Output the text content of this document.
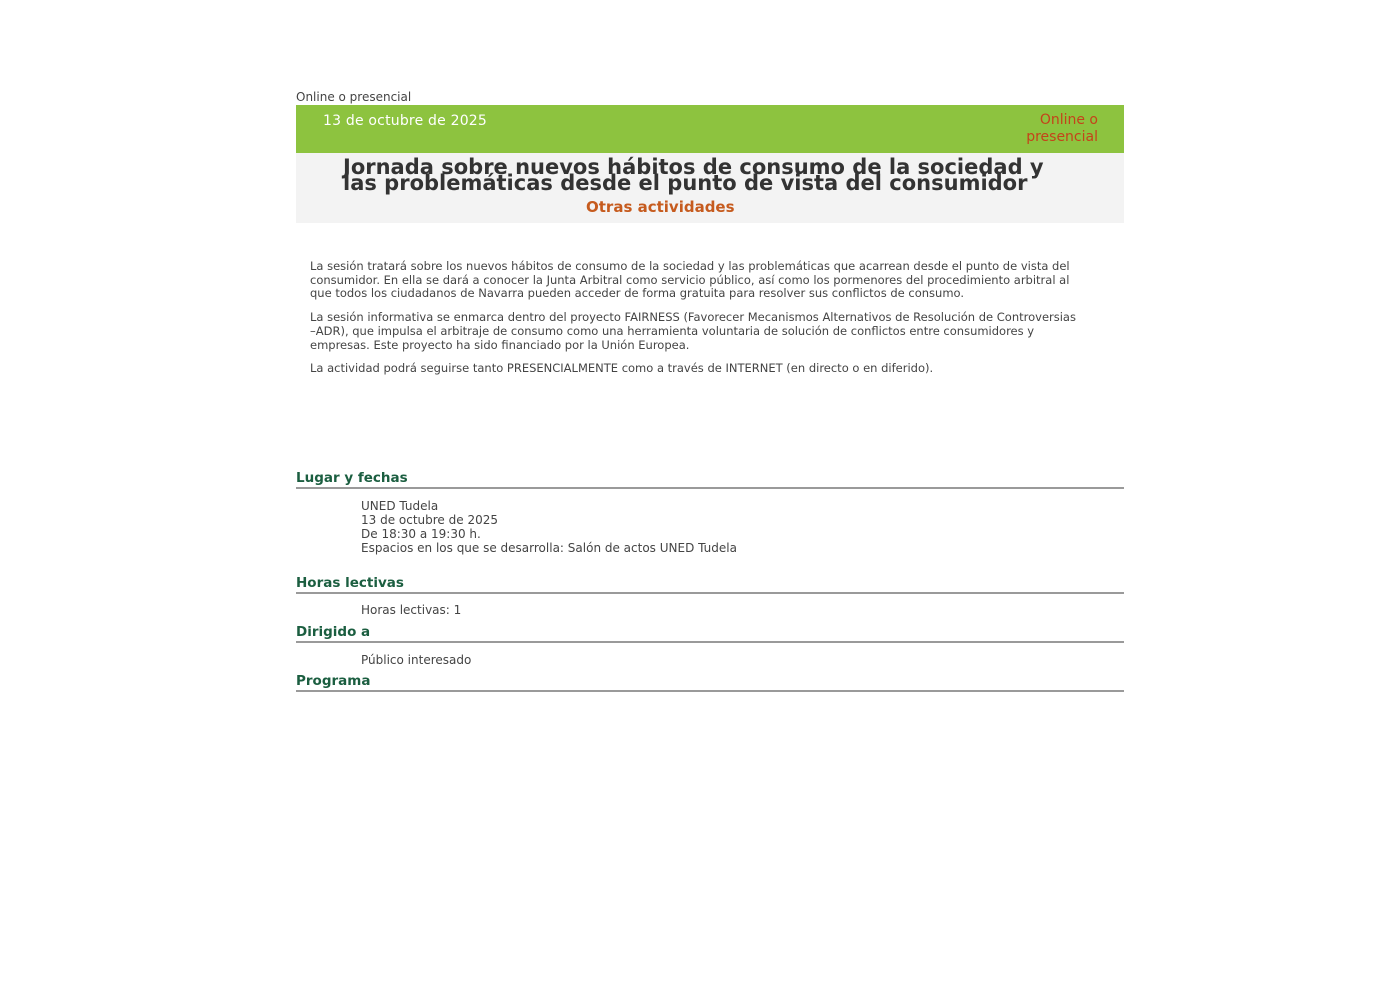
Online o presencial
13 de octubre de 2025	Online o presencial
Jornada sobre nuevos hábitos de consumo de la sociedad y las problemáticas desde el punto de vista del consumidor
Otras actividades

La sesión tratará sobre los nuevos hábitos de consumo de la sociedad y las problemáticas que acarrean desde el punto de vista del consumidor. En ella se dará a conocer la Junta Arbitral como servicio público, así como los pormenores del procedimiento arbitral al que todos los ciudadanos de Navarra pueden acceder de forma gratuita para resolver sus conflictos de consumo.

La sesión informativa se enmarca dentro del proyecto FAIRNESS (Favorecer Mecanismos Alternativos de Resolución de Controversias –ADR), que impulsa el arbitraje de consumo como una herramienta voluntaria de solución de conflictos entre consumidores y empresas. Este proyecto ha sido financiado por la Unión Europea.

La actividad podrá seguirse tanto PRESENCIALMENTE como a través de INTERNET (en directo o en diferido).

Lugar y fechas
UNED Tudela
13 de octubre de 2025
De 18:30 a 19:30 h.
Espacios en los que se desarrolla: Salón de actos UNED Tudela
Horas lectivas
Horas lectivas: 1
Dirigido a
Público interesado
Programa
